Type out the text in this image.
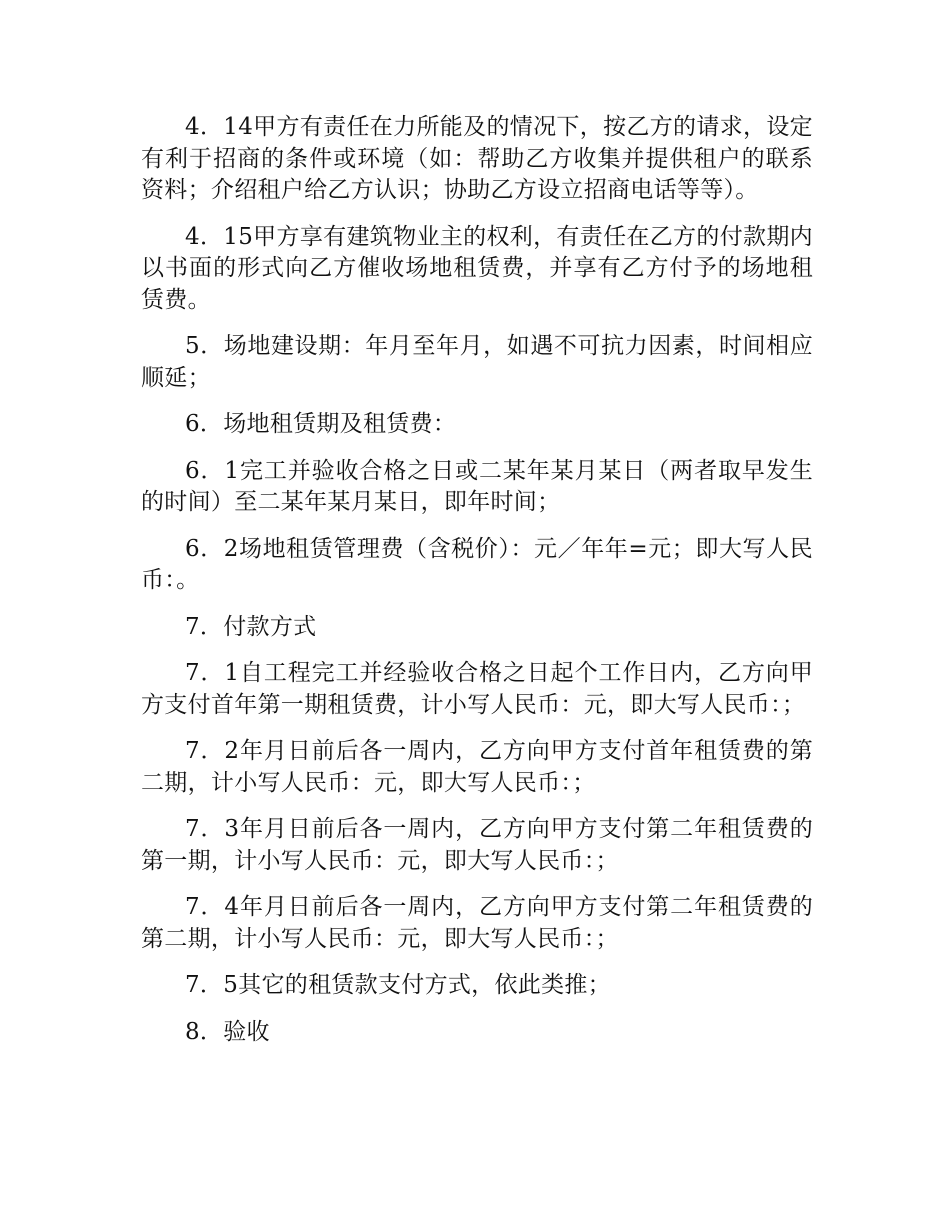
4．14甲方有责任在力所能及的情况下，按乙方的请求，设定有利于招商的条件或环境（如：帮助乙方收集并提供租户的联系资料；介绍租户给乙方认识；协助乙方设立招商电话等等）。

4．15甲方享有建筑物业主的权利，有责任在乙方的付款期内以书面的形式向乙方催收场地租赁费，并享有乙方付予的场地租赁费。

5．场地建设期：年月至年月，如遇不可抗力因素，时间相应顺延；

6．场地租赁期及租赁费：

6．1完工并验收合格之日或二某年某月某日（两者取早发生的时间）至二某年某月某日，即年时间；

6．2场地租赁管理费（含税价）：元／年年=元；即大写人民币：。

7．付款方式

7．1自工程完工并经验收合格之日起个工作日内，乙方向甲方支付首年第一期租赁费，计小写人民币：元，即大写人民币：；

7．2年月日前后各一周内，乙方向甲方支付首年租赁费的第二期，计小写人民币：元，即大写人民币：；

7．3年月日前后各一周内，乙方向甲方支付第二年租赁费的第一期，计小写人民币：元，即大写人民币：；

7．4年月日前后各一周内，乙方向甲方支付第二年租赁费的第二期，计小写人民币：元，即大写人民币：；

7．5其它的租赁款支付方式，依此类推；

8．验收
